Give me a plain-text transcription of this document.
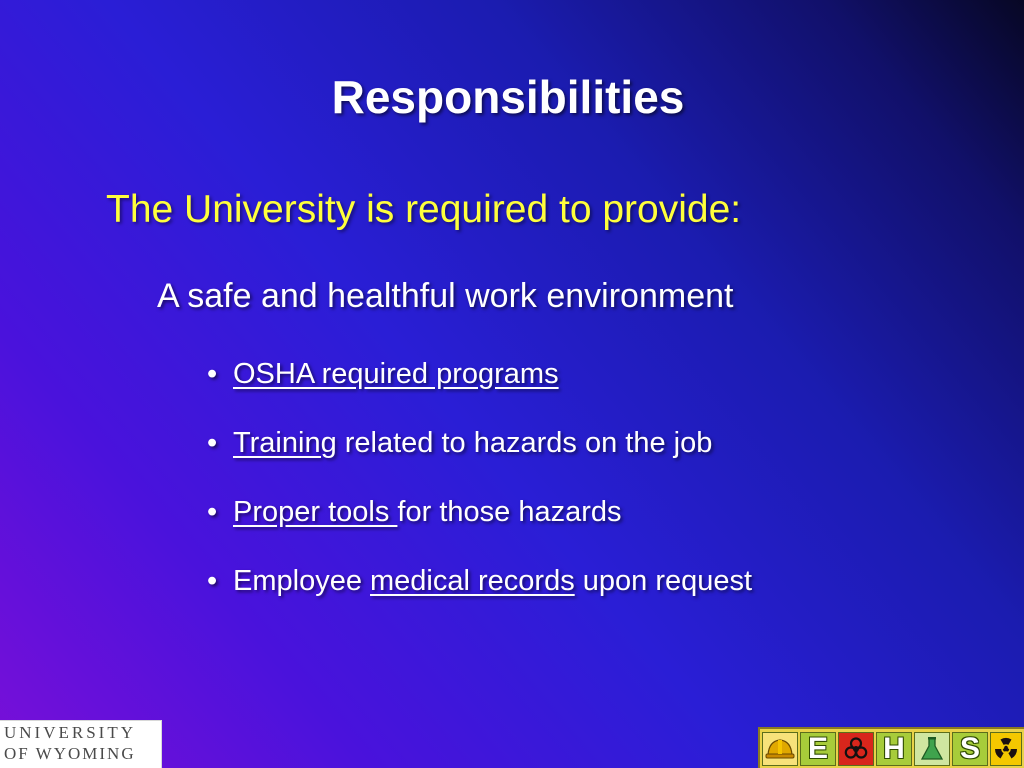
Responsibilities
The University is required to provide:
A safe and healthful work environment
• OSHA required programs
• Training related to hazards on the job
• Proper tools for those hazards
• Employee medical records upon request
UNIVERSITY
OF WYOMING	E H S
